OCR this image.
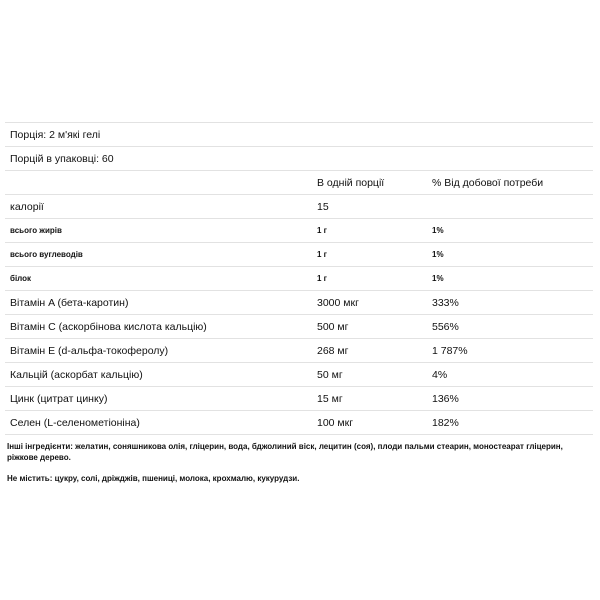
Порція: 2 м'які гелі		
Порцій в упаковці: 60		
	В одній порції	% Від добової потреби
калорії	15	
всього жирів	1 г	1%
всього вуглеводів	1 г	1%
білок	1 г	1%
Вітамін A (бета-каротин)	3000 мкг	333%
Вітамін C (аскорбінова кислота кальцію)	500 мг	556%
Вітамін E (d-альфа-токоферолу)	268 мг	1 787%
Кальцій (аскорбат кальцію)	50 мг	4%
Цинк (цитрат цинку)	15 мг	136%
Селен (L-селенометіоніна)	100 мкг	182%

Інші інгредієнти: желатин, соняшникова олія, гліцерин, вода, бджолиний віск, лецитин (соя), плоди пальми стеарин, моностеарат гліцерин, ріжкове дерево.

Не містить: цукру, солі, дріжджів, пшениці, молока, крохмалю, кукурудзи.
